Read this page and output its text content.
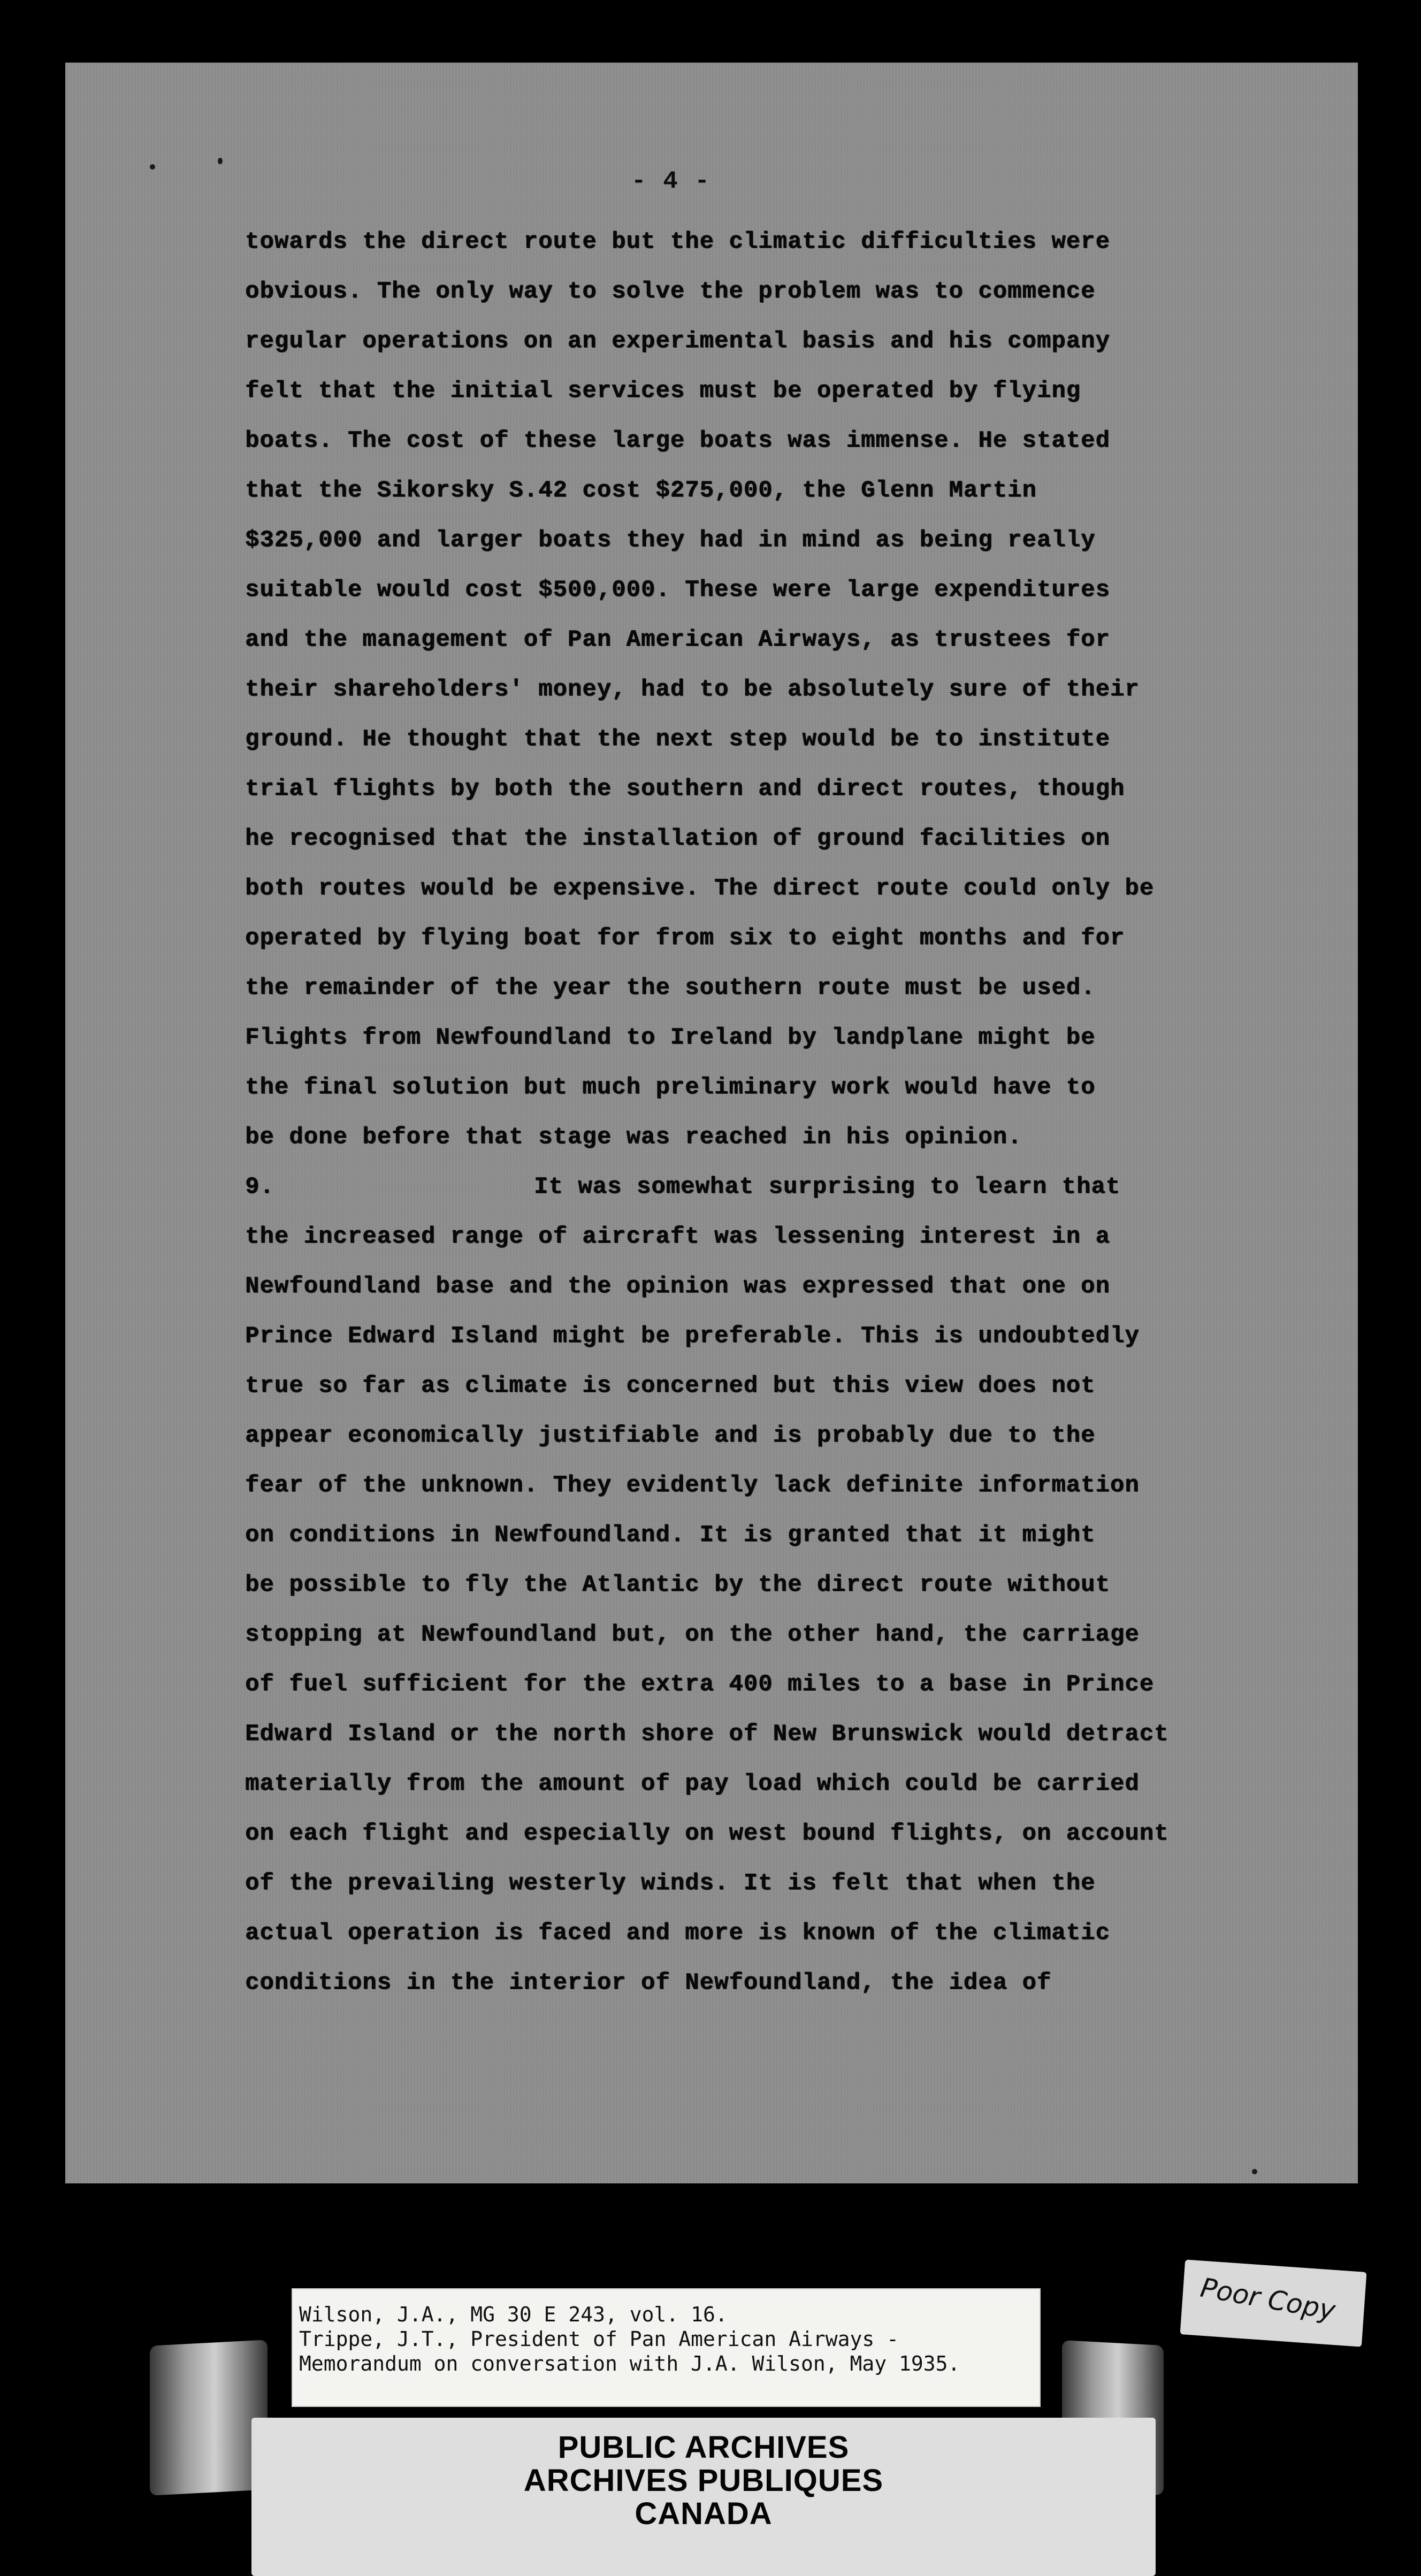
- 4 -
towards the direct route but the climatic difficulties were
obvious. The only way to solve the problem was to commence
regular operations on an experimental basis and his company
felt that the initial services must be operated by flying
boats. The cost of these large boats was immense. He stated
that the Sikorsky S.42 cost $275,000, the Glenn Martin
$325,000 and larger boats they had in mind as being really
suitable would cost $500,000. These were large expenditures
and the management of Pan American Airways, as trustees for
their shareholders' money, had to be absolutely sure of their
ground. He thought that the next step would be to institute
trial flights by both the southern and direct routes, though
he recognised that the installation of ground facilities on
both routes would be expensive. The direct route could only be
operated by flying boat for from six to eight months and for
the remainder of the year the southern route must be used.
Flights from Newfoundland to Ireland by landplane might be
the final solution but much preliminary work would have to
be done before that stage was reached in his opinion.
9.	It was somewhat surprising to learn that
the increased range of aircraft was lessening interest in a
Newfoundland base and the opinion was expressed that one on
Prince Edward Island might be preferable. This is undoubtedly
true so far as climate is concerned but this view does not
appear economically justifiable and is probably due to the
fear of the unknown. They evidently lack definite information
on conditions in Newfoundland. It is granted that it might
be possible to fly the Atlantic by the direct route without
stopping at Newfoundland but, on the other hand, the carriage
of fuel sufficient for the extra 400 miles to a base in Prince
Edward Island or the north shore of New Brunswick would detract
materially from the amount of pay load which could be carried
on each flight and especially on west bound flights, on account
of the prevailing westerly winds. It is felt that when the
actual operation is faced and more is known of the climatic
conditions in the interior of Newfoundland, the idea of
PUBLIC ARCHIVES
ARCHIVES PUBLIQUES
CANADA
Wilson, J.A., MG 30 E 243, vol. 16.
Trippe, J.T., President of Pan American Airways -
Memorandum on conversation with J.A. Wilson, May 1935.
Poor Copy
